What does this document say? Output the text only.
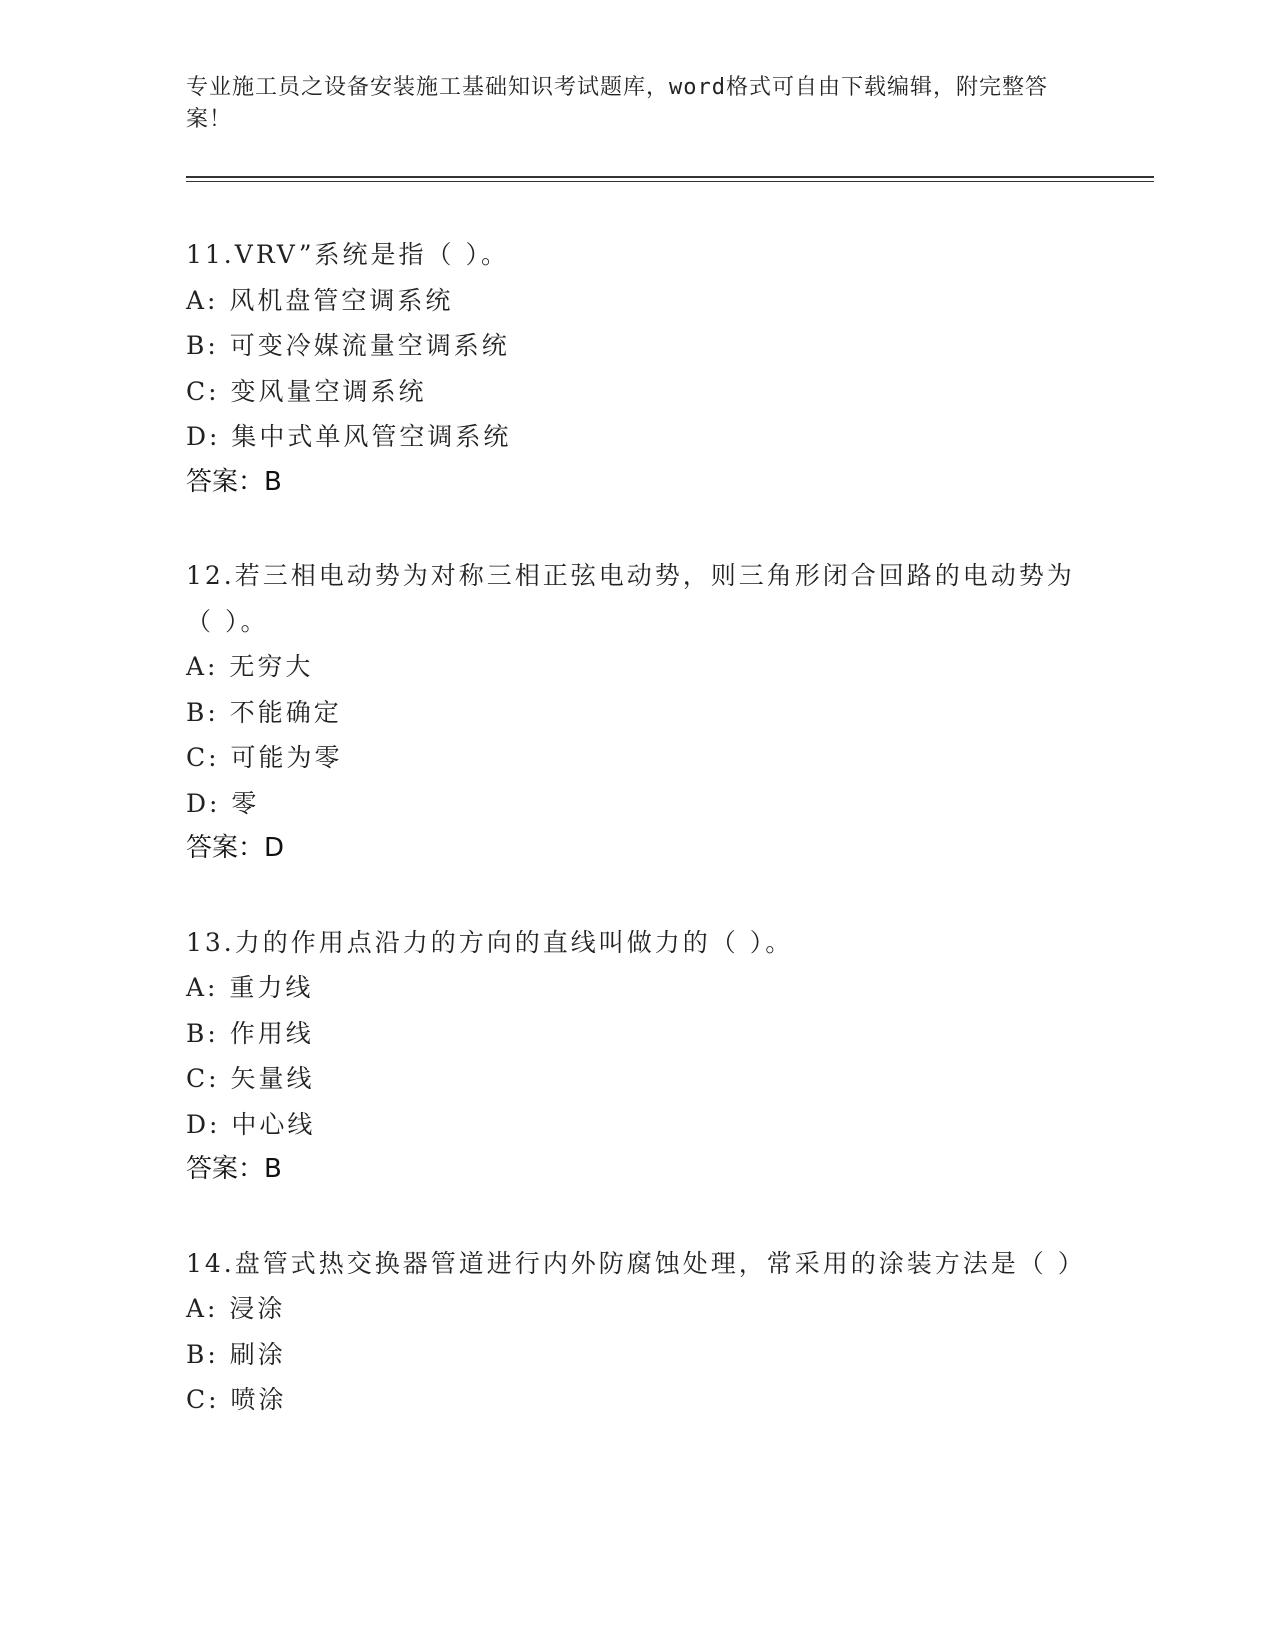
专业施工员之设备安装施工基础知识考试题库，word格式可自由下载编辑，附完整答案！
11.VRV”系统是指（ ）。
A: 风机盘管空调系统
B: 可变冷媒流量空调系统
C: 变风量空调系统
D: 集中式单风管空调系统
答案：B
12.若三相电动势为对称三相正弦电动势，则三角形闭合回路的电动势为（ ）。
A: 无穷大
B: 不能确定
C: 可能为零
D: 零
答案：D
13.力的作用点沿力的方向的直线叫做力的（ ）。
A: 重力线
B: 作用线
C: 矢量线
D: 中心线
答案：B
14.盘管式热交换器管道进行内外防腐蚀处理，常采用的涂装方法是（ ）
A: 浸涂
B: 刷涂
C: 喷涂
